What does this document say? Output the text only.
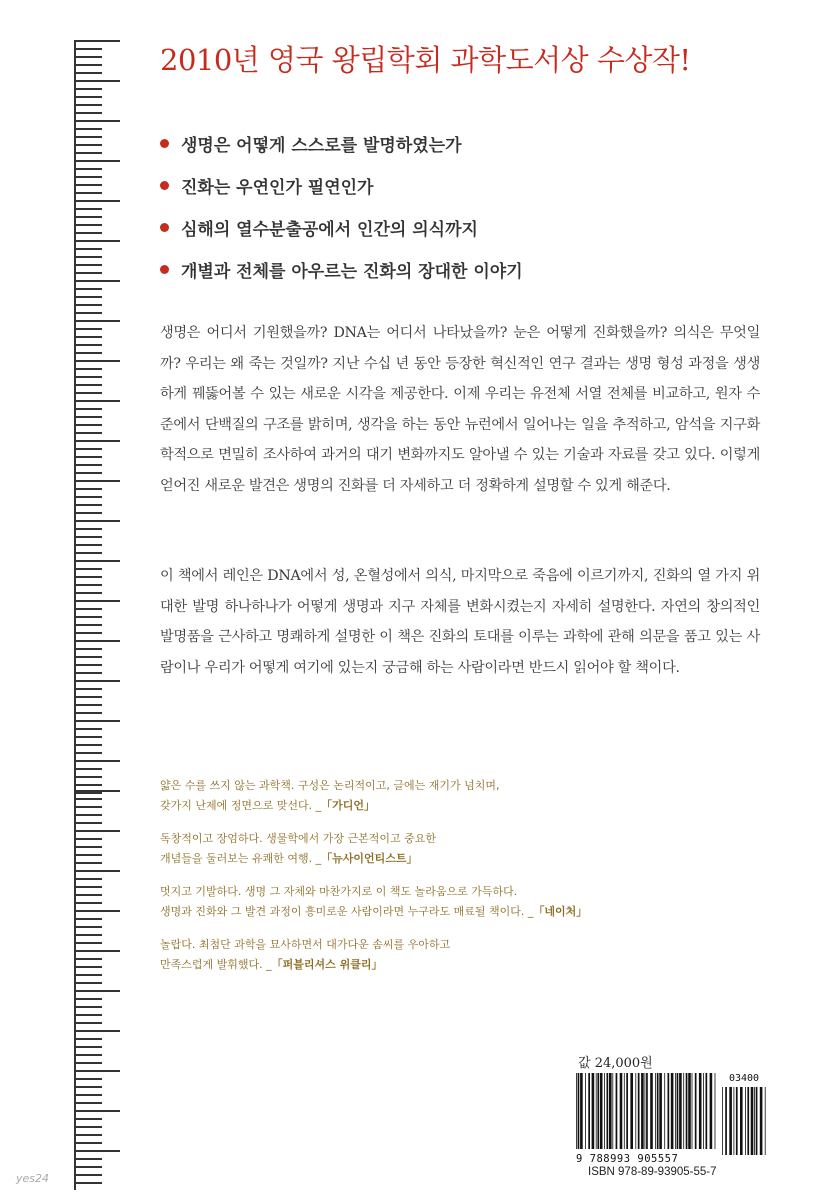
2010년 영국 왕립학회 과학도서상 수상작!
생명은 어떻게 스스로를 발명하였는가
진화는 우연인가 필연인가
심해의 열수분출공에서 인간의 의식까지
개별과 전체를 아우르는 진화의 장대한 이야기
생명은 어디서 기원했을까? DNA는 어디서 나타났을까? 눈은 어떻게 진화했을까? 의식은 무엇일까? 우리는 왜 죽는 것일까? 지난 수십 년 동안 등장한 혁신적인 연구 결과는 생명 형성 과정을 생생하게 꿰뚫어볼 수 있는 새로운 시각을 제공한다. 이제 우리는 유전체 서열 전체를 비교하고, 원자 수준에서 단백질의 구조를 밝히며, 생각을 하는 동안 뉴런에서 일어나는 일을 추적하고, 암석을 지구화학적으로 면밀히 조사하여 과거의 대기 변화까지도 알아낼 수 있는 기술과 자료를 갖고 있다. 이렇게 얻어진 새로운 발견은 생명의 진화를 더 자세하고 더 정확하게 설명할 수 있게 해준다.
이 책에서 레인은 DNA에서 성, 온혈성에서 의식, 마지막으로 죽음에 이르기까지, 진화의 열 가지 위대한 발명 하나하나가 어떻게 생명과 지구 자체를 변화시켰는지 자세히 설명한다. 자연의 창의적인 발명품을 근사하고 명쾌하게 설명한 이 책은 진화의 토대를 이루는 과학에 관해 의문을 품고 있는 사람이나 우리가 어떻게 여기에 있는지 궁금해 하는 사람이라면 반드시 읽어야 할 책이다.
얇은 수를 쓰지 않는 과학책. 구성은 논리적이고, 글에는 재기가 넘치며,
갖가지 난제에 정면으로 맞선다. _「가디언」
독창적이고 장엄하다. 생물학에서 가장 근본적이고 중요한
개념들을 둘러보는 유쾌한 여행. _「뉴사이언티스트」
멋지고 기발하다. 생명 그 자체와 마찬가지로 이 책도 놀라움으로 가득하다.
생명과 진화와 그 발견 과정이 흥미로운 사람이라면 누구라도 매료될 책이다. _「네이처」
놀랍다. 최첨단 과학을 묘사하면서 대가다운 솜씨를 우아하고
만족스럽게 발휘했다. _「퍼블리셔스 위클리」
값 24,000원
03400
9 788993 905557
ISBN 978-89-93905-55-7
yes24
